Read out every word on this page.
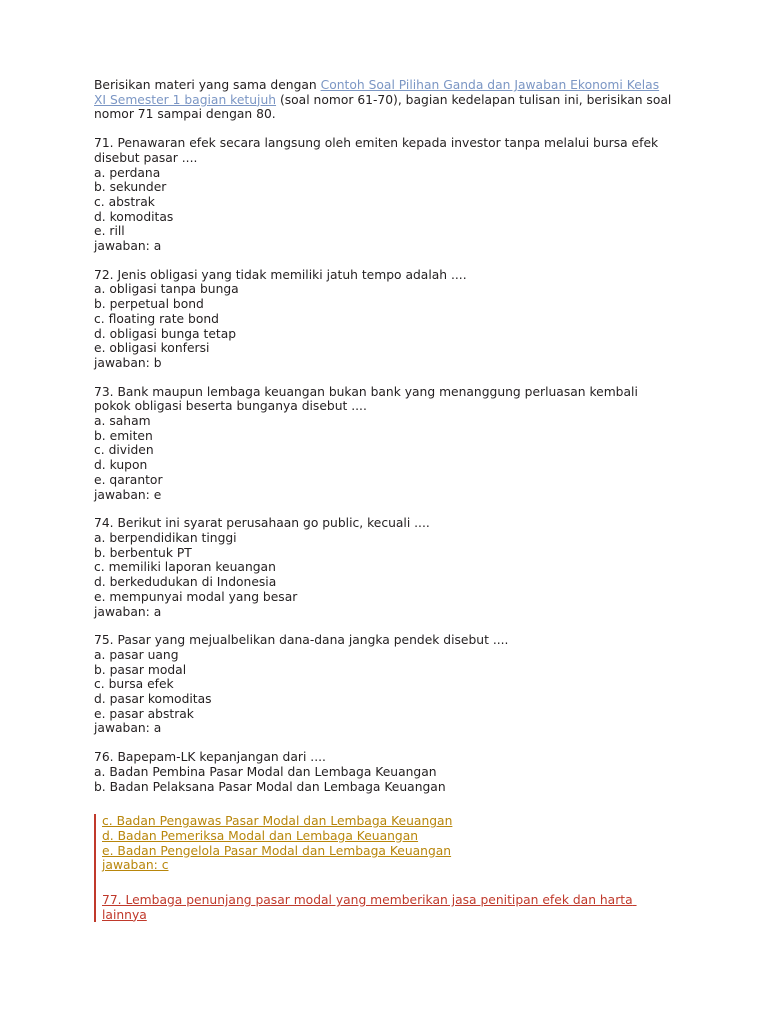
Berisikan materi yang sama dengan Contoh Soal Pilihan Ganda dan Jawaban Ekonomi Kelas XI Semester 1 bagian ketujuh (soal nomor 61-70), bagian kedelapan tulisan ini, berisikan soal nomor 71 sampai dengan 80.

71. Penawaran efek secara langsung oleh emiten kepada investor tanpa melalui bursa efek disebut pasar ....
a. perdana
b. sekunder
c. abstrak
d. komoditas
e. rill
jawaban: a
72. Jenis obligasi yang tidak memiliki jatuh tempo adalah ....
a. obligasi tanpa bunga
b. perpetual bond
c. floating rate bond
d. obligasi bunga tetap
e. obligasi konfersi
jawaban: b
73. Bank maupun lembaga keuangan bukan bank yang menanggung perluasan kembali pokok obligasi beserta bunganya disebut ....
a. saham
b. emiten
c. dividen
d. kupon
e. qarantor
jawaban: e
74. Berikut ini syarat perusahaan go public, kecuali ....
a. berpendidikan tinggi
b. berbentuk PT
c. memiliki laporan keuangan
d. berkedudukan di Indonesia
e. mempunyai modal yang besar
jawaban: a
75. Pasar yang mejualbelikan dana-dana jangka pendek disebut ....
a. pasar uang
b. pasar modal
c. bursa efek
d. pasar komoditas
e. pasar abstrak
jawaban: a
76. Bapepam-LK kepanjangan dari ....
a. Badan Pembina Pasar Modal dan Lembaga Keuangan
b. Badan Pelaksana Pasar Modal dan Lembaga Keuangan
c. Badan Pengawas Pasar Modal dan Lembaga Keuangan
d. Badan Pemeriksa Modal dan Lembaga Keuangan
e. Badan Pengelola Pasar Modal dan Lembaga Keuangan
jawaban: c
77. Lembaga penunjang pasar modal yang memberikan jasa penitipan efek dan harta lainnya
